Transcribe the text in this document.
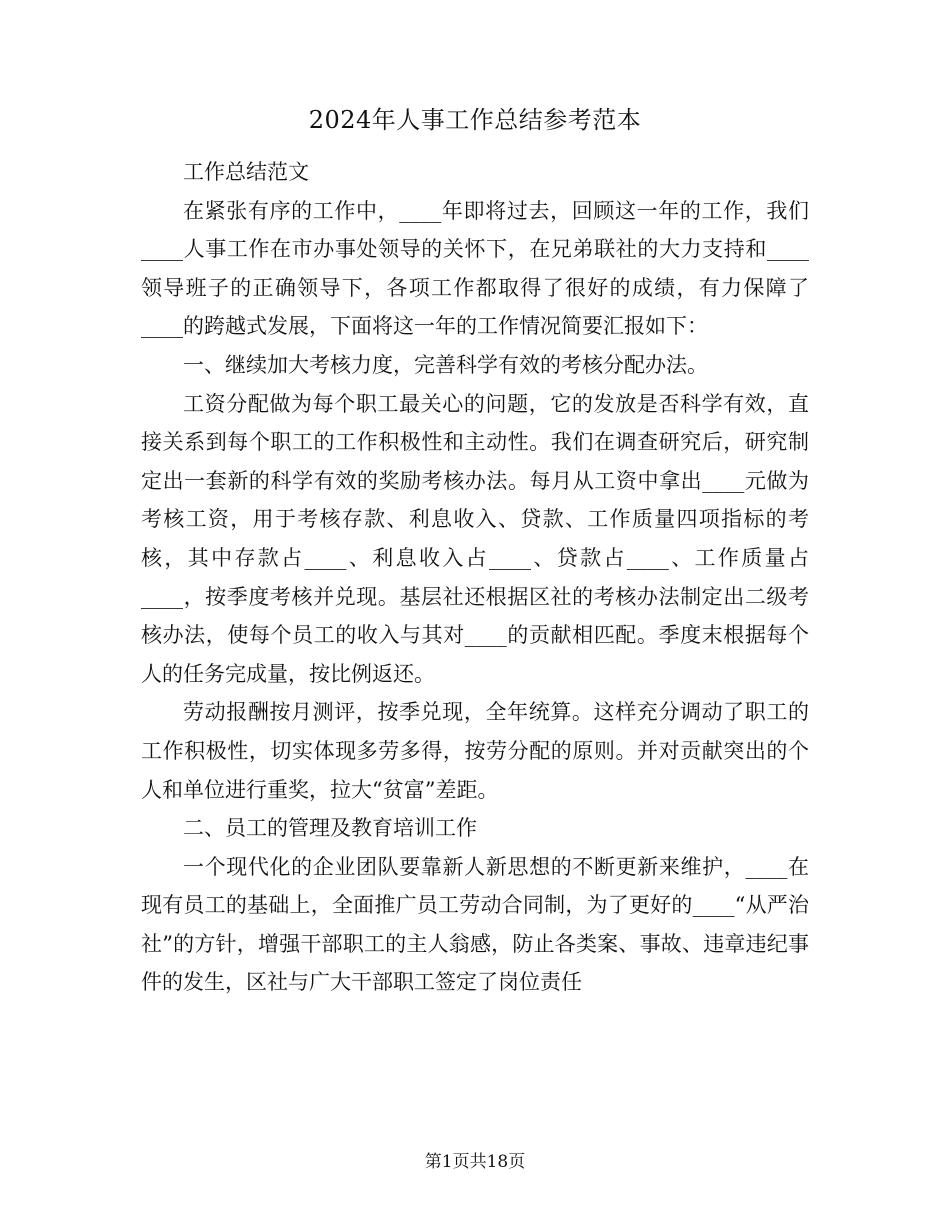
2024年人事工作总结参考范本

工作总结范文

在紧张有序的工作中，____年即将过去，回顾这一年的工作，我们____人事工作在市办事处领导的关怀下，在兄弟联社的大力支持和____领导班子的正确领导下，各项工作都取得了很好的成绩，有力保障了____的跨越式发展，下面将这一年的工作情况简要汇报如下：

一、继续加大考核力度，完善科学有效的考核分配办法。

工资分配做为每个职工最关心的问题，它的发放是否科学有效，直接关系到每个职工的工作积极性和主动性。我们在调查研究后，研究制定出一套新的科学有效的奖励考核办法。每月从工资中拿出____元做为考核工资，用于考核存款、利息收入、贷款、工作质量四项指标的考核，其中存款占____、利息收入占____、贷款占____、工作质量占____，按季度考核并兑现。基层社还根据区社的考核办法制定出二级考核办法，使每个员工的收入与其对____的贡献相匹配。季度末根据每个人的任务完成量，按比例返还。

劳动报酬按月测评，按季兑现，全年统算。这样充分调动了职工的工作积极性，切实体现多劳多得，按劳分配的原则。并对贡献突出的个人和单位进行重奖，拉大“贫富”差距。

二、员工的管理及教育培训工作

一个现代化的企业团队要靠新人新思想的不断更新来维护，____在现有员工的基础上，全面推广员工劳动合同制，为了更好的____“从严治社”的方针，增强干部职工的主人翁感，防止各类案、事故、违章违纪事件的发生，区社与广大干部职工签定了岗位责任

第1页共18页
